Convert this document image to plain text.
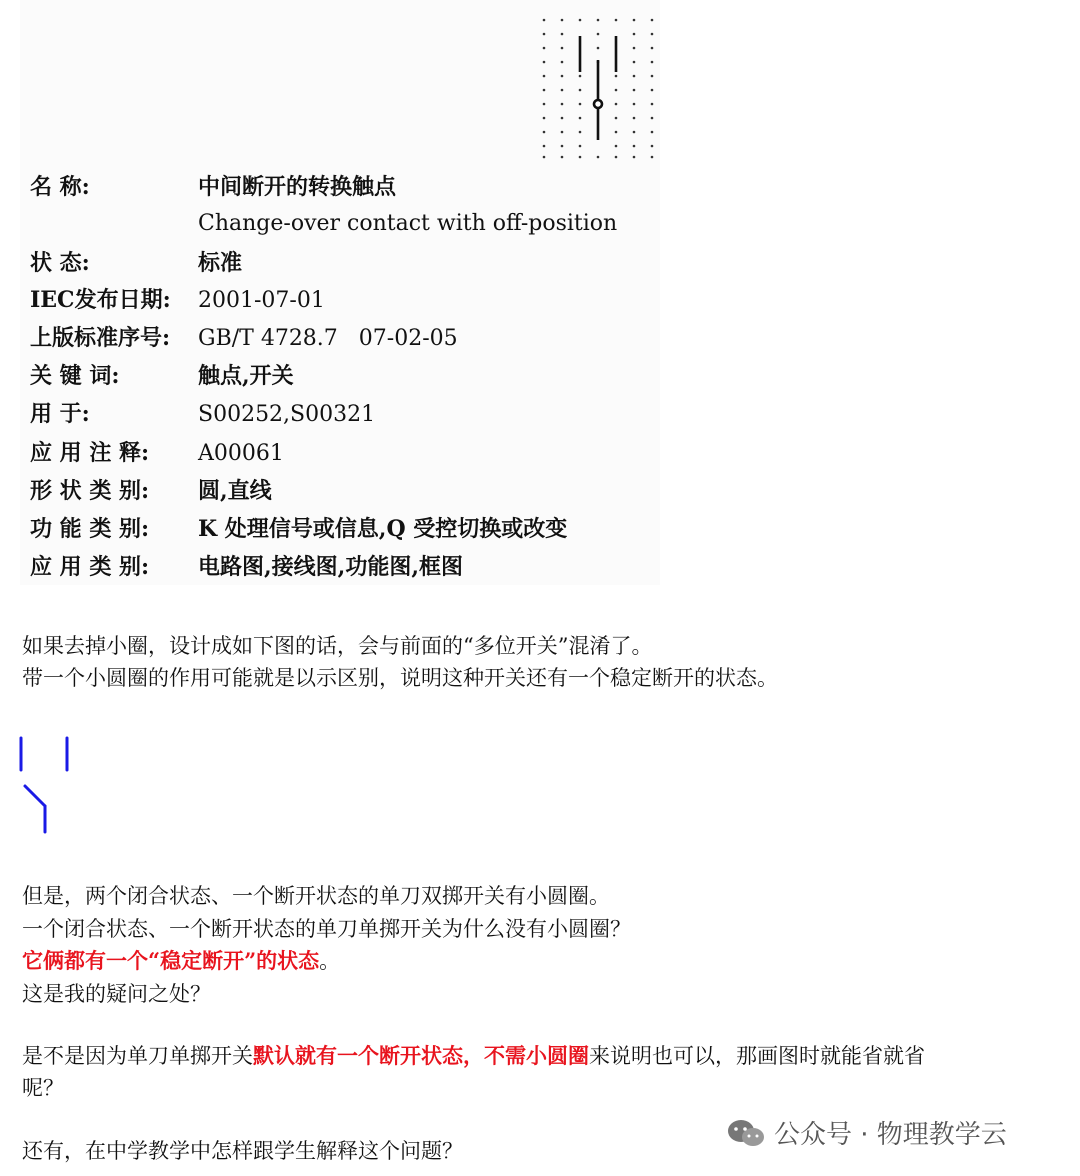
名 称:	中间断开的转换触点
Change-over contact with off-position
状 态:	标准
IEC发布日期: 2001-07-01
上版标准序号: GB/T 4728.7   07-02-05
关 键 词:	触点,开关
用 于:	S00252,S00321
应 用 注 释: A00061
形 状 类 别: 圆,直线
功 能 类 别: K 处理信号或信息,Q 受控切换或改变
应 用 类 别: 电路图,接线图,功能图,框图
如果去掉小圈，设计成如下图的话，会与前面的“多位开关”混淆了。
带一个小圆圈的作用可能就是以示区别，说明这种开关还有一个稳定断开的状态。
但是，两个闭合状态、一个断开状态的单刀双掷开关有小圆圈。
一个闭合状态、一个断开状态的单刀单掷开关为什么没有小圆圈？
它俩都有一个“稳定断开”的状态。
这是我的疑问之处？
是不是因为单刀单掷开关默认就有一个断开状态，不需小圆圈来说明也可以，那画图时就能省就省
呢？
还有，在中学教学中怎样跟学生解释这个问题？
公众号 · 物理教学云
